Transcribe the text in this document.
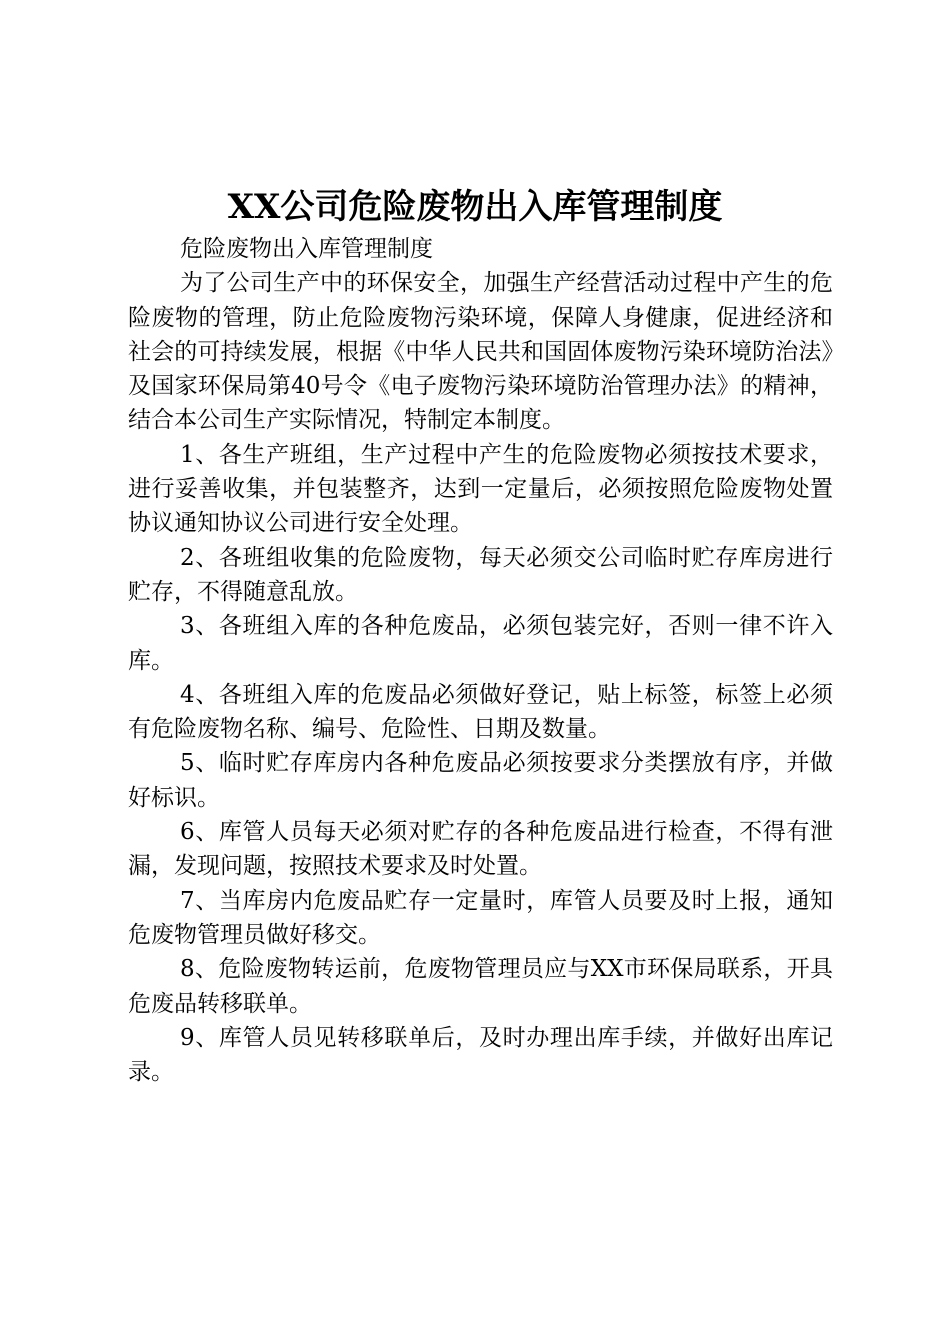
XX公司危险废物出入库管理制度

危险废物出入库管理制度

为了公司生产中的环保安全，加强生产经营活动过程中产生的危险废物的管理，防止危险废物污染环境，保障人身健康，促进经济和社会的可持续发展，根据《中华人民共和国固体废物污染环境防治法》及国家环保局第40号令《电子废物污染环境防治管理办法》的精神，结合本公司生产实际情况，特制定本制度。

1、各生产班组，生产过程中产生的危险废物必须按技术要求，进行妥善收集，并包装整齐，达到一定量后，必须按照危险废物处置协议通知协议公司进行安全处理。

2、各班组收集的危险废物，每天必须交公司临时贮存库房进行贮存，不得随意乱放。

3、各班组入库的各种危废品，必须包装完好，否则一律不许入库。

4、各班组入库的危废品必须做好登记，贴上标签，标签上必须有危险废物名称、编号、危险性、日期及数量。

5、临时贮存库房内各种危废品必须按要求分类摆放有序，并做好标识。

6、库管人员每天必须对贮存的各种危废品进行检查，不得有泄漏，发现问题，按照技术要求及时处置。

7、当库房内危废品贮存一定量时，库管人员要及时上报，通知危废物管理员做好移交。

8、危险废物转运前，危废物管理员应与XX市环保局联系，开具危废品转移联单。

9、库管人员见转移联单后，及时办理出库手续，并做好出库记录。
